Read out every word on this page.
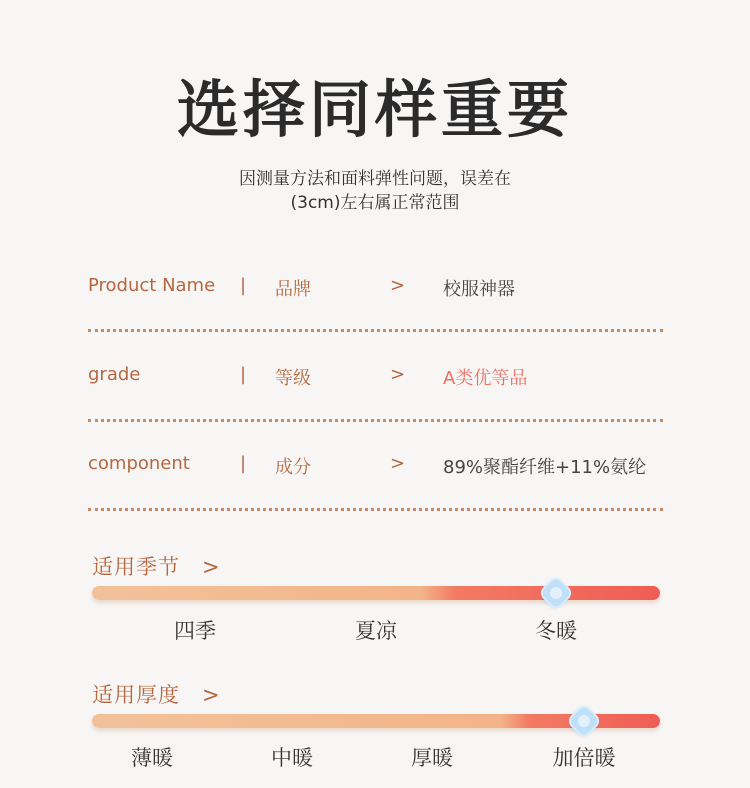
选择同样重要
因测量方法和面料弹性问题，误差在
(3cm)左右属正常范围
Product Name | 品牌	> 校服神器
grade	| 等级	> A类优等品
component	| 成分	> 89%聚酯纤维+11%氨纶
适用季节 >
四季	夏凉	冬暖
适用厚度 >
薄暖	中暖	厚暖	加倍暖
